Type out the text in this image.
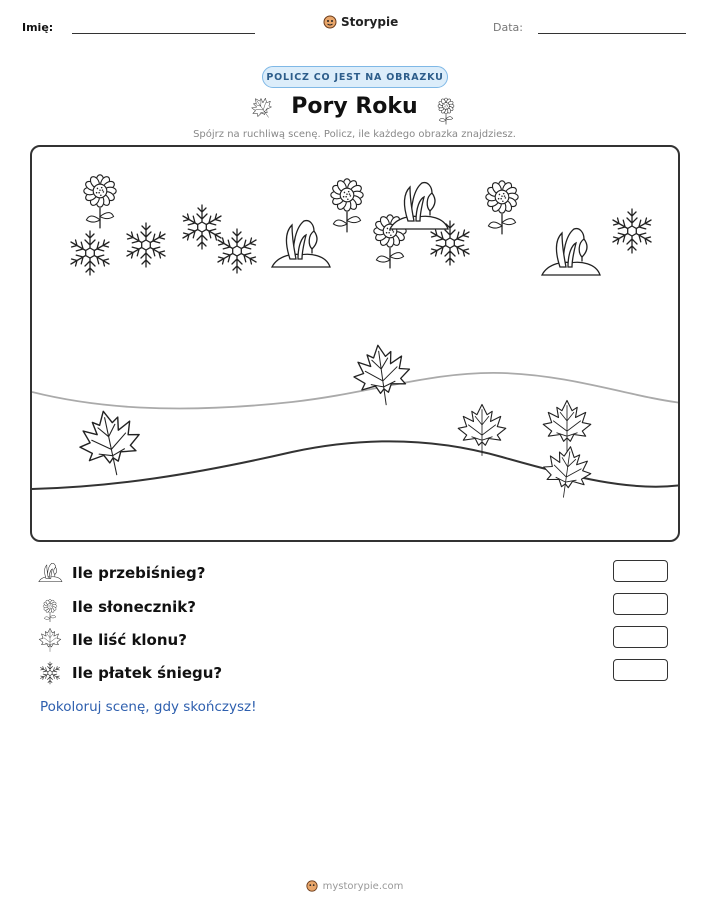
Imię:	Storypie	Data:
POLICZ CO JEST NA OBRAZKU
Pory Roku
Spójrz na ruchliwą scenę. Policz, ile każdego obrazka znajdziesz.
Ile przebiśnieg?
Ile słonecznik?
Ile liść klonu?
Ile płatek śniegu?
Pokoloruj scenę, gdy skończysz!
mystorypie.com
